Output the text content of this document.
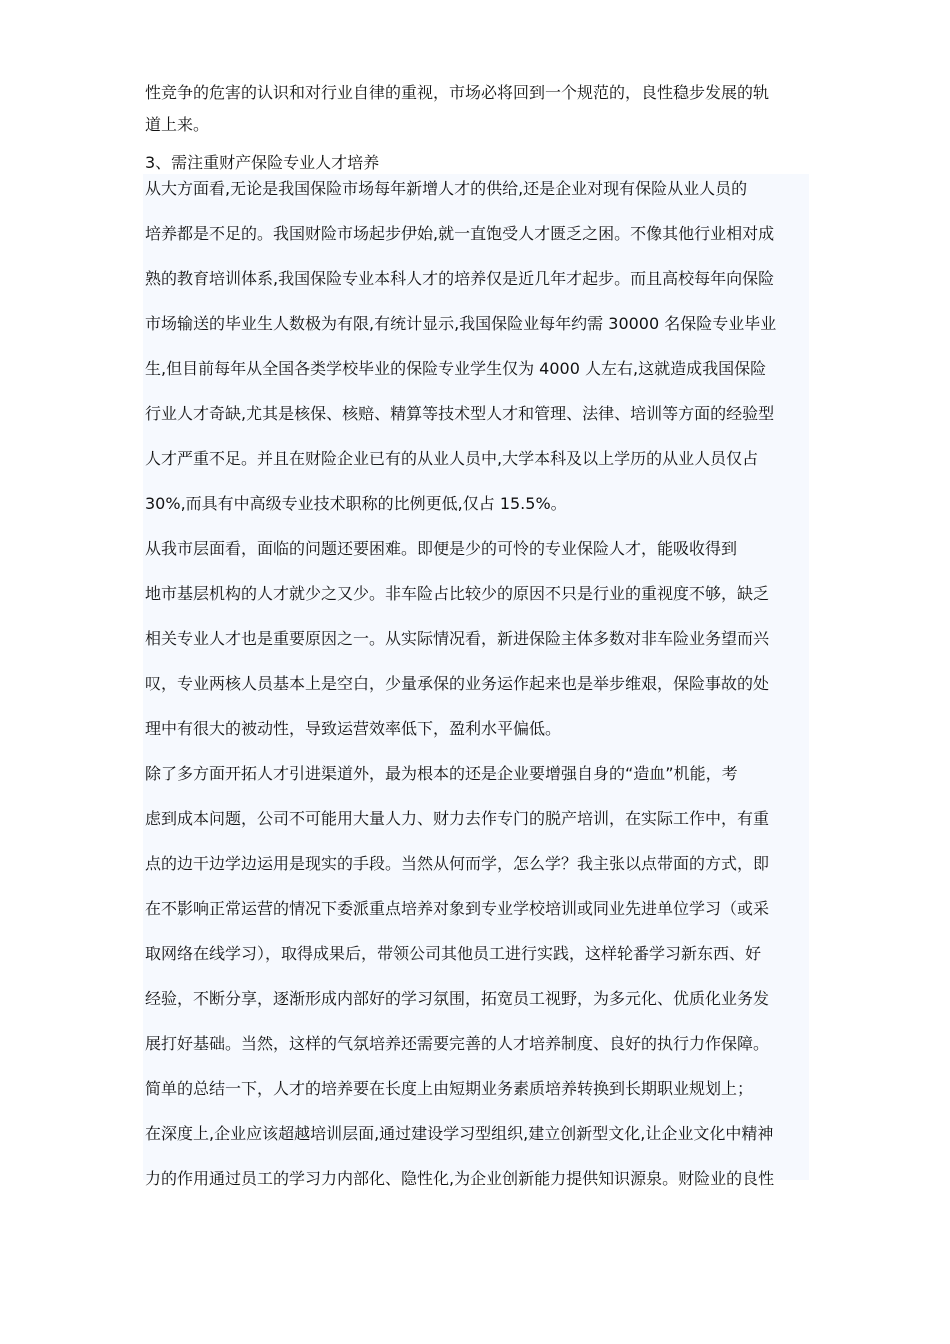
性竞争的危害的认识和对行业自律的重视，市场必将回到一个规范的，良性稳步发展的轨
道上来。
3、需注重财产保险专业人才培养
从大方面看,无论是我国保险市场每年新增人才的供给,还是企业对现有保险从业人员的
培养都是不足的。我国财险市场起步伊始,就一直饱受人才匮乏之困。不像其他行业相对成
熟的教育培训体系,我国保险专业本科人才的培养仅是近几年才起步。而且高校每年向保险
市场输送的毕业生人数极为有限,有统计显示,我国保险业每年约需 30000 名保险专业毕业
生,但目前每年从全国各类学校毕业的保险专业学生仅为 4000 人左右,这就造成我国保险
行业人才奇缺,尤其是核保、核赔、精算等技术型人才和管理、法律、培训等方面的经验型
人才严重不足。并且在财险企业已有的从业人员中,大学本科及以上学历的从业人员仅占
30%,而具有中高级专业技术职称的比例更低,仅占 15.5%。
从我市层面看，面临的问题还要困难。即便是少的可怜的专业保险人才，能吸收得到
地市基层机构的人才就少之又少。非车险占比较少的原因不只是行业的重视度不够，缺乏
相关专业人才也是重要原因之一。从实际情况看，新进保险主体多数对非车险业务望而兴
叹，专业两核人员基本上是空白，少量承保的业务运作起来也是举步维艰，保险事故的处
理中有很大的被动性，导致运营效率低下，盈利水平偏低。
除了多方面开拓人才引进渠道外，最为根本的还是企业要增强自身的“造血”机能，考
虑到成本问题，公司不可能用大量人力、财力去作专门的脱产培训，在实际工作中，有重
点的边干边学边运用是现实的手段。当然从何而学，怎么学？我主张以点带面的方式，即
在不影响正常运营的情况下委派重点培养对象到专业学校培训或同业先进单位学习（或采
取网络在线学习），取得成果后，带领公司其他员工进行实践，这样轮番学习新东西、好
经验，不断分享，逐渐形成内部好的学习氛围，拓宽员工视野，为多元化、优质化业务发
展打好基础。当然，这样的气氛培养还需要完善的人才培养制度、良好的执行力作保障。
简单的总结一下，人才的培养要在长度上由短期业务素质培养转换到长期职业规划上；
在深度上,企业应该超越培训层面,通过建设学习型组织,建立创新型文化,让企业文化中精神
力的作用通过员工的学习力内部化、隐性化,为企业创新能力提供知识源泉。财险业的良性
